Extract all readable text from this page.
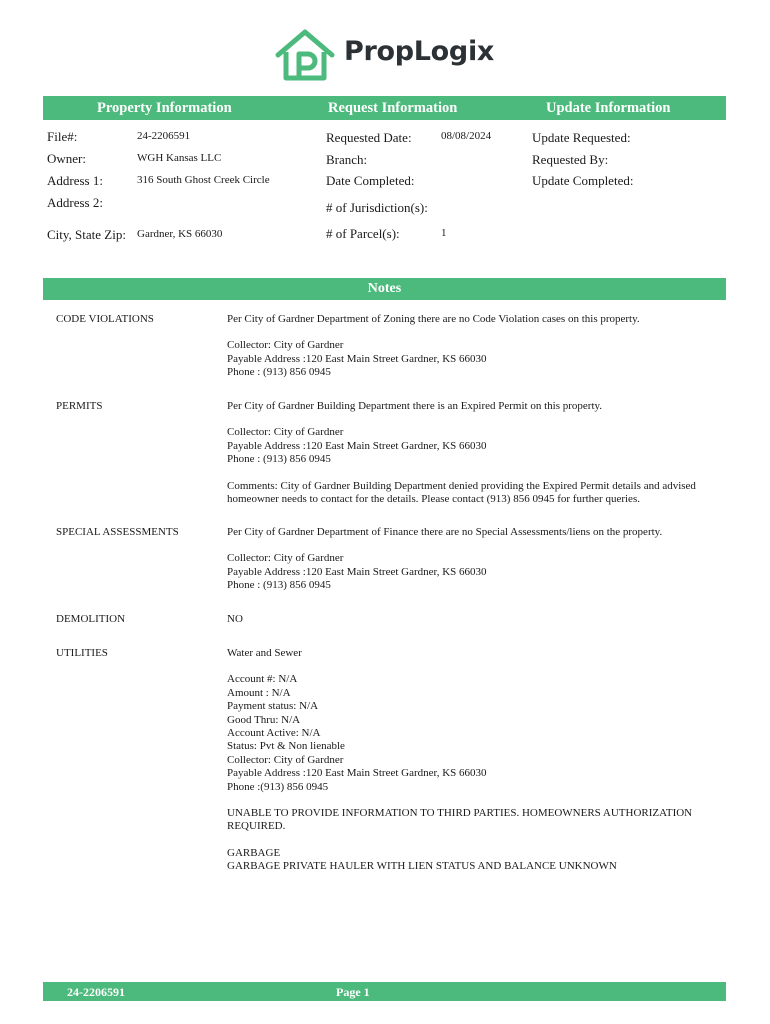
PropLogix
Property Information	Request Information	Update Information
File#:	24-2206591
Owner:	WGH Kansas LLC
Address 1:	316 South Ghost Creek Circle
Address 2:
City, State Zip: Gardner, KS 66030
Requested Date:	08/08/2024
Branch:
Date Completed:
# of Jurisdiction(s):
# of Parcel(s):	1
Update Requested:
Requested By:
Update Completed:
Notes
CODE VIOLATIONS	Per City of Gardner Department of Zoning there are no Code Violation cases on this property.

Collector: City of Gardner
Payable Address :120 East Main Street Gardner, KS 66030
Phone : (913) 856 0945

PERMITS	Per City of Gardner Building Department there is an Expired Permit on this property.

Collector: City of Gardner
Payable Address :120 East Main Street Gardner, KS 66030
Phone : (913) 856 0945

Comments: City of Gardner Building Department denied providing the Expired Permit details and advised homeowner needs to contact for the details. Please contact (913) 856 0945 for further queries.

SPECIAL ASSESSMENTS	Per City of Gardner Department of Finance there are no Special Assessments/liens on the property.

Collector: City of Gardner
Payable Address :120 East Main Street Gardner, KS 66030
Phone : (913) 856 0945

DEMOLITION	NO

UTILITIES	Water and Sewer

Account #: N/A
Amount : N/A
Payment status: N/A
Good Thru: N/A
Account Active: N/A
Status: Pvt & Non lienable
Collector: City of Gardner
Payable Address :120 East Main Street Gardner, KS 66030
Phone :(913) 856 0945

UNABLE TO PROVIDE INFORMATION TO THIRD PARTIES. HOMEOWNERS AUTHORIZATION REQUIRED.

GARBAGE
GARBAGE PRIVATE HAULER WITH LIEN STATUS AND BALANCE UNKNOWN

24-2206591	Page 1
